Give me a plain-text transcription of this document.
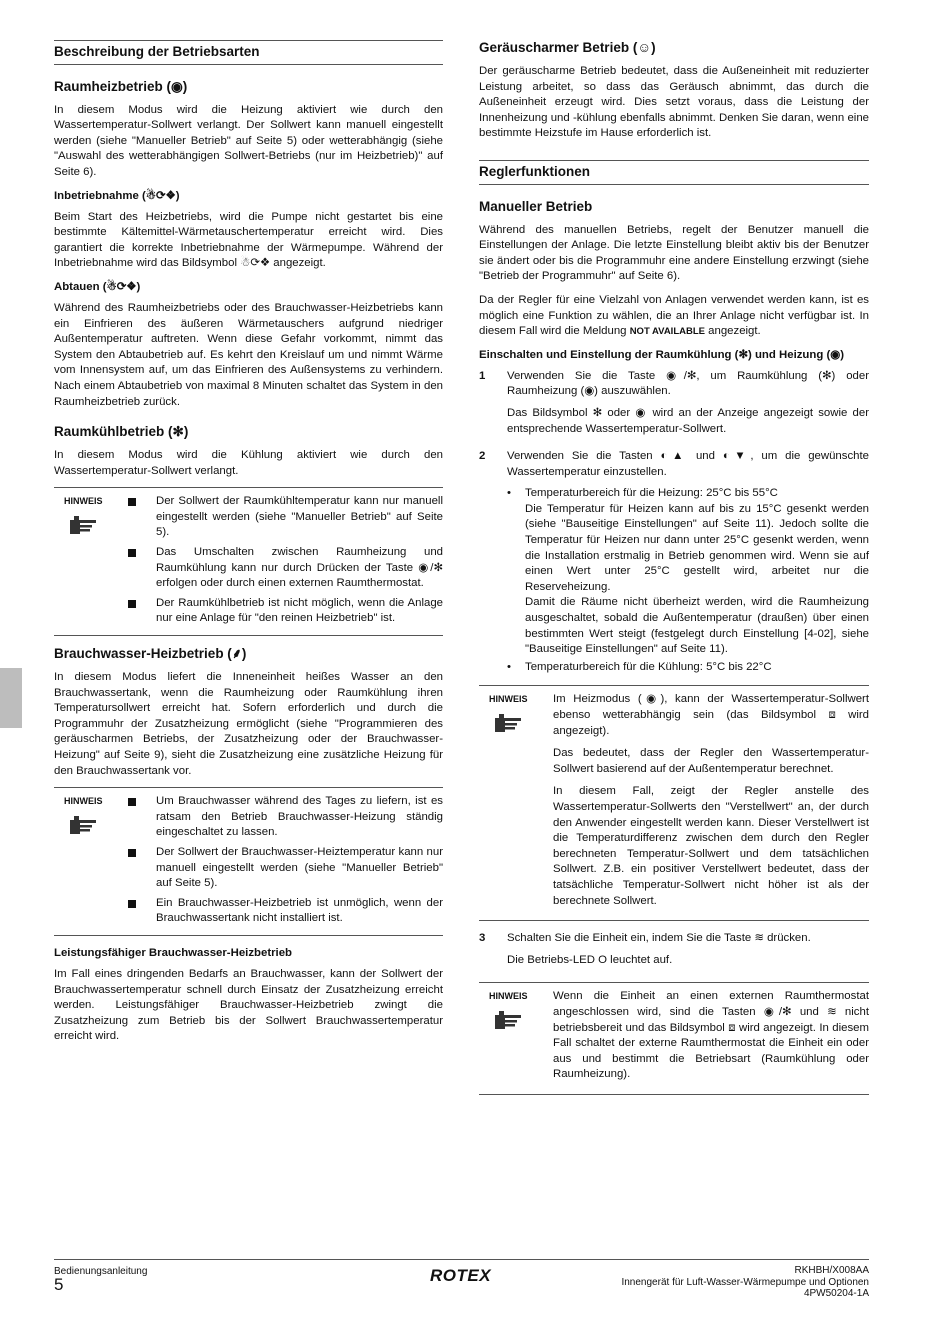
Beschreibung der Betriebsarten
Raumheizbetrieb (◉)

In diesem Modus wird die Heizung aktiviert wie durch den Wassertemperatur-Sollwert verlangt. Der Sollwert kann manuell eingestellt werden (siehe "Manueller Betrieb" auf Seite 5) oder wetterabhängig (siehe "Auswahl des wetterabhängigen Sollwert-Betriebs (nur im Heizbetrieb)" auf Seite 6).

Inbetriebnahme (☃⟳❖)

Beim Start des Heizbetriebs, wird die Pumpe nicht gestartet bis eine bestimmte Kältemittel-Wärmetauschertemperatur erreicht wird. Dies garantiert die korrekte Inbetriebnahme der Wärmepumpe. Während der Inbetriebnahme wird das Bildsymbol ☃⟳❖ angezeigt.

Abtauen (☃⟳❖)

Während des Raumheizbetriebs oder des Brauchwasser-Heizbetriebs kann ein Einfrieren des äußeren Wärmetauschers aufgrund niedriger Außentemperatur auftreten. Wenn diese Gefahr vorkommt, nimmt das System den Abtaubetrieb auf. Es kehrt den Kreislauf um und nimmt Wärme vom Innensystem auf, um das Einfrieren des Außensystems zu verhindern. Nach einem Abtaubetrieb von maximal 8 Minuten schaltet das System in den Raumheizbetrieb zurück.

Raumkühlbetrieb (✻)

In diesem Modus wird die Kühlung aktiviert wie durch den Wassertemperatur-Sollwert verlangt.

HINWEIS	Der Sollwert der Raumkühltemperatur kann nur manuell eingestellt werden (siehe "Manueller Betrieb" auf Seite 5).
Das Umschalten zwischen Raumheizung und Raumkühlung kann nur durch Drücken der Taste ◉/✻ erfolgen oder durch einen externen Raumthermostat.
Der Raumkühlbetrieb ist nicht möglich, wenn die Anlage nur eine Anlage für "den reinen Heizbetrieb" ist.
Brauchwasser-Heizbetrieb (⸙)

In diesem Modus liefert die Inneneinheit heißes Wasser an den Brauchwassertank, wenn die Raumheizung oder Raumkühlung ihren Temperatursollwert erreicht hat. Sofern erforderlich und durch die Programmuhr der Zusatzheizung ermöglicht (siehe "Programmieren des geräuscharmen Betriebs, der Zusatzheizung oder der Brauchwasser-Heizung" auf Seite 9), sieht die Zusatzheizung eine zusätzliche Heizung für den Brauchwassertank vor.

HINWEIS	Um Brauchwasser während des Tages zu liefern, ist es ratsam den Betrieb Brauchwasser-Heizung ständig eingeschaltet zu lassen.
Der Sollwert der Brauchwasser-Heiztemperatur kann nur manuell eingestellt werden (siehe "Manueller Betrieb" auf Seite 5).
Ein Brauchwasser-Heizbetrieb ist unmöglich, wenn der Brauchwassertank nicht installiert ist.
Leistungsfähiger Brauchwasser-Heizbetrieb

Im Fall eines dringenden Bedarfs an Brauchwasser, kann der Sollwert der Brauchwassertemperatur schnell durch Einsatz der Zusatzheizung erreicht werden. Leistungsfähiger Brauchwasser-Heizbetrieb zwingt die Zusatzheizung zum Betrieb bis der Sollwert Brauchwassertemperatur erreicht wird.

Geräuscharmer Betrieb (☺)

Der geräuscharme Betrieb bedeutet, dass die Außeneinheit mit reduzierter Leistung arbeitet, so dass das Geräusch abnimmt, das durch die Außeneinheit erzeugt wird. Dies setzt voraus, dass die Leistung der Innenheizung und -kühlung ebenfalls abnimmt. Denken Sie daran, wenn eine bestimmte Heizstufe im Hause erforderlich ist.

Reglerfunktionen
Manueller Betrieb

Während des manuellen Betriebs, regelt der Benutzer manuell die Einstellungen der Anlage. Die letzte Einstellung bleibt aktiv bis der Benutzer sie ändert oder bis die Programmuhr eine andere Einstellung erzwingt (siehe "Betrieb der Programmuhr" auf Seite 6).

Da der Regler für eine Vielzahl von Anlagen verwendet werden kann, ist es möglich eine Funktion zu wählen, die an Ihrer Anlage nicht verfügbar ist. In diesem Fall wird die Meldung NOT AVAILABLE angezeigt.

Einschalten und Einstellung der Raumkühlung (✻) und Heizung (◉)
1	Verwenden Sie die Taste ◉/✻, um Raumkühlung (✻) oder Raumheizung (◉) auszuwählen.

Das Bildsymbol ✻ oder ◉ wird an der Anzeige angezeigt sowie der entsprechende Wassertemperatur-Sollwert.

2	Verwenden Sie die Tasten ◐▲ und ◐▼, um die gewünschte Wassertemperatur einzustellen.

•	Temperaturbereich für die Heizung: 25°C bis 55°C
Die Temperatur für Heizen kann auf bis zu 15°C gesenkt werden (siehe "Bauseitige Einstellungen" auf Seite 11). Jedoch sollte die Temperatur für Heizen nur dann unter 25°C gesenkt werden, wenn die Installation erstmalig in Betrieb genommen wird. Wenn sie auf einen Wert unter 25°C gestellt wird, arbeitet nur die Reserveheizung.
Damit die Räume nicht überheizt werden, wird die Raumheizung ausgeschaltet, sobald die Außentemperatur (draußen) über einen bestimmten Wert steigt (festgelegt durch Einstellung [4-02], siehe "Bauseitige Einstellungen" auf Seite 11).
•	Temperaturbereich für die Kühlung: 5°C bis 22°C
HINWEIS	Im Heizmodus (◉), kann der Wassertemperatur-Sollwert ebenso wetterabhängig sein (das Bildsymbol ⧈ wird angezeigt).

Das bedeutet, dass der Regler den Wassertemperatur-Sollwert basierend auf der Außentemperatur berechnet.

In diesem Fall, zeigt der Regler anstelle des Wassertemperatur-Sollwerts den "Verstellwert" an, der durch den Anwender eingestellt werden kann. Dieser Verstellwert ist die Temperaturdifferenz zwischen dem durch den Regler berechneten Temperatur-Sollwert und dem tatsächlichen Sollwert. Z.B. ein positiver Verstellwert bedeutet, dass der tatsächliche Temperatur-Sollwert nicht höher ist als der berechnete Sollwert.

3	Schalten Sie die Einheit ein, indem Sie die Taste ≋ drücken.

Die Betriebs-LED O leuchtet auf.

HINWEIS	Wenn die Einheit an einen externen Raumthermostat angeschlossen wird, sind die Tasten ◉/✻ und ≋ nicht betriebsbereit und das Bildsymbol ⧈ wird angezeigt. In diesem Fall schaltet der externe Raumthermostat die Einheit ein oder aus und bestimmt die Betriebsart (Raumkühlung oder Raumheizung).

Bedienungsanleitung
5	ROTEX	RKHBH/X008AA
Innengerät für Luft-Wasser-Wärmepumpe und Optionen
4PW50204-1A
